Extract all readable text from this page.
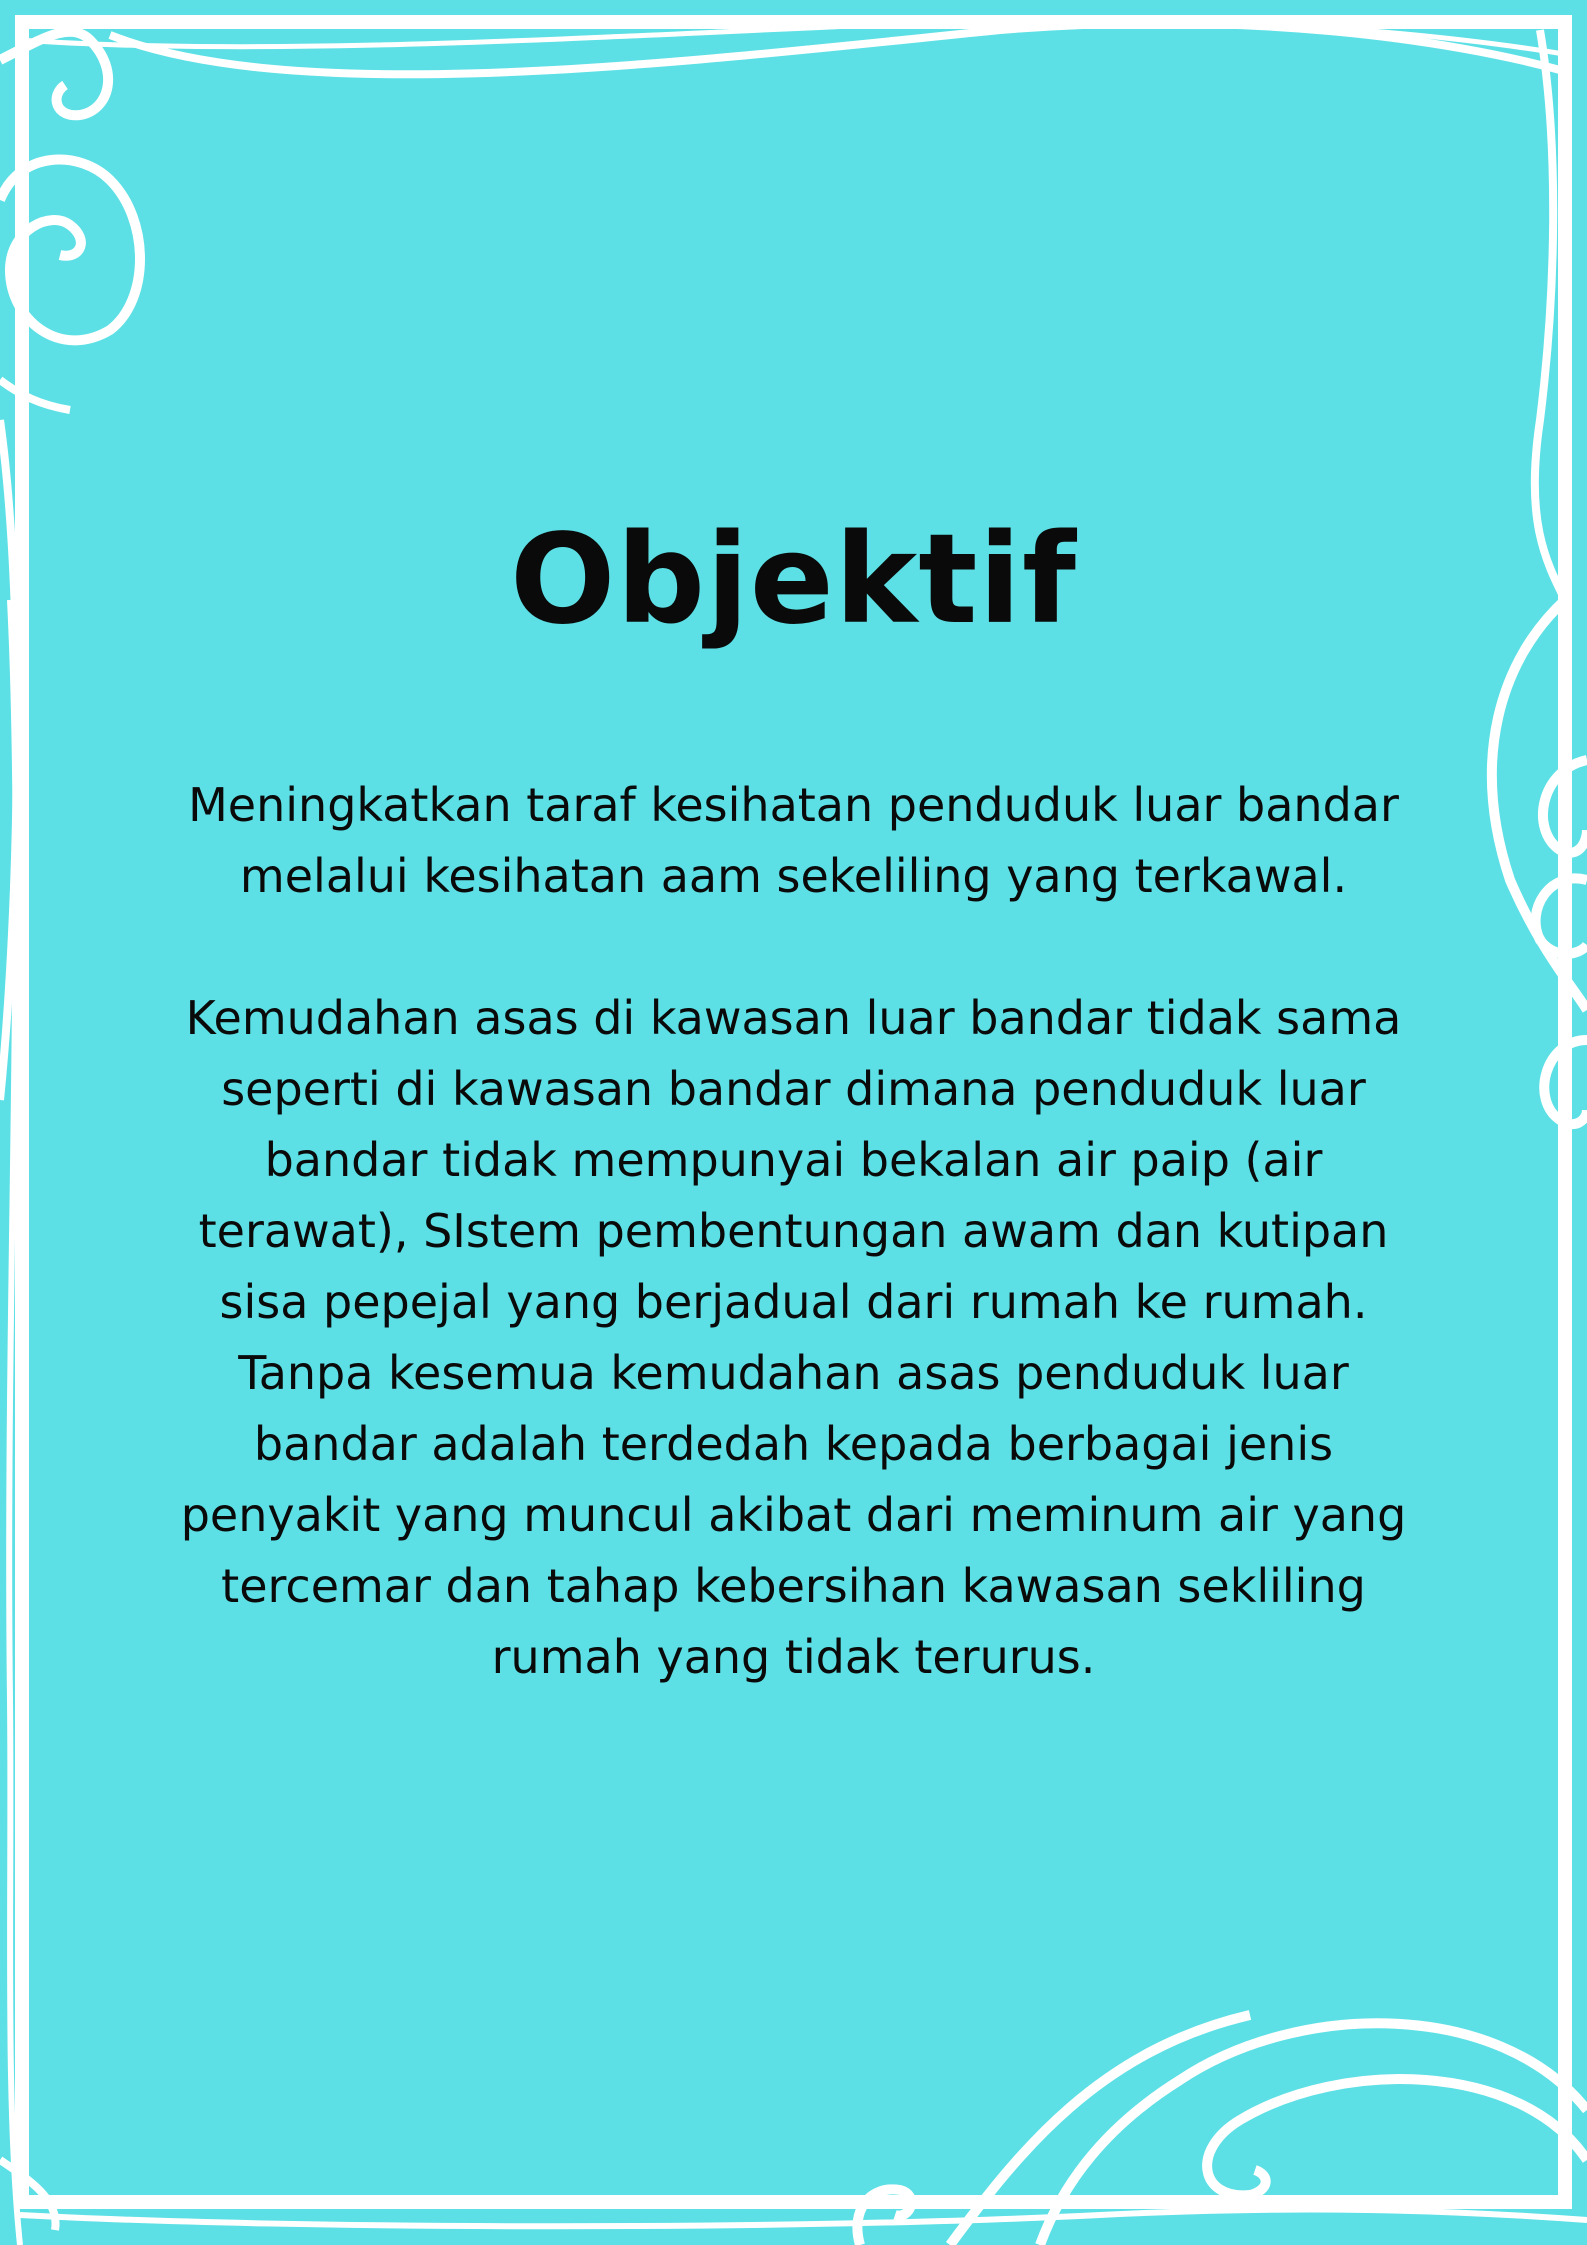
Objektif

Meningkatkan taraf kesihatan penduduk luar bandar melalui kesihatan aam sekeliling yang terkawal.

Kemudahan asas di kawasan luar bandar tidak sama seperti di kawasan bandar dimana penduduk luar bandar tidak mempunyai bekalan air paip (air terawat), SIstem pembentungan awam dan kutipan sisa pepejal yang berjadual dari rumah ke rumah. Tanpa kesemua kemudahan asas penduduk luar bandar adalah terdedah kepada berbagai jenis penyakit yang muncul akibat dari meminum air yang tercemar dan tahap kebersihan kawasan sekliling rumah yang tidak terurus.
